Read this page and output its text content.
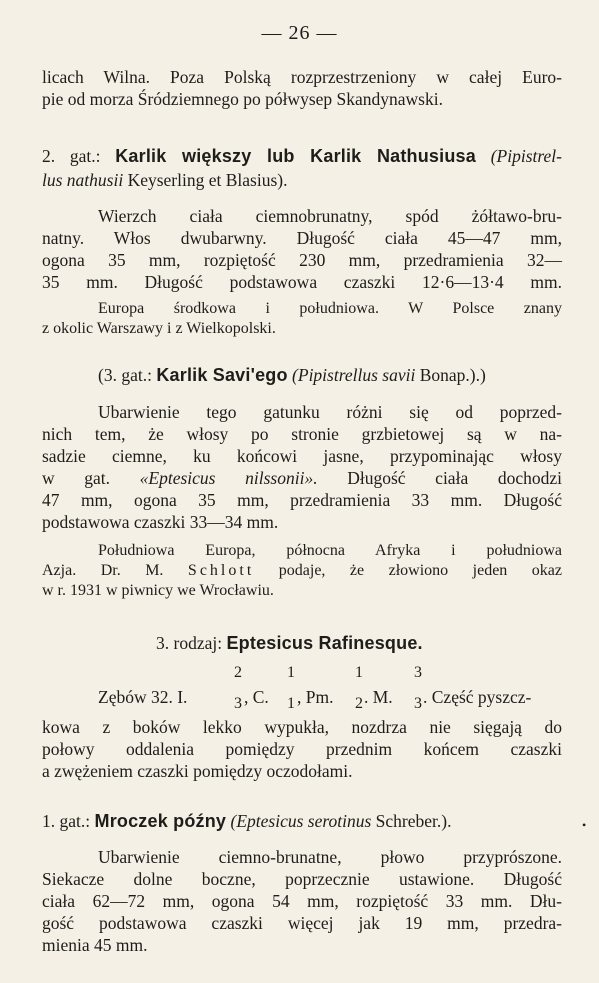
— 26 —
licach Wilna. Poza Polską rozprzestrzeniony w całej Euro-
pie od morza Śródziemnego po półwysep Skandynawski.
2. gat.: Karlik większy lub Karlik Nathusiusa (Pipistrel-
lus nathusii Keyserling et Blasius).
Wierzch ciała ciemnobrunatny, spód żółtawo-bru-
natny. Włos dwubarwny. Długość ciała 45—47 mm,
ogona 35 mm, rozpiętość 230 mm, przedramienia 32—
35 mm. Długość podstawowa czaszki 12·6—13·4 mm.
Europa środkowa i południowa. W Polsce znany
z okolic Warszawy i z Wielkopolski.
(3. gat.: Karlik Savi'ego (Pipistrellus savii Bonap.).)
Ubarwienie tego gatunku różni się od poprzed-
nich tem, że włosy po stronie grzbietowej są w na-
sadzie ciemne, ku końcowi jasne, przypominając włosy
w gat. «Eptesicus nilssonii». Długość ciała dochodzi
47 mm, ogona 35 mm, przedramienia 33 mm. Długość
podstawowa czaszki 33—34 mm.
Południowa Europa, północna Afryka i południowa
Azja. Dr. M. Schlott podaje, że złowiono jeden okaz
w r. 1931 w piwnicy we Wrocławiu.
3. rodzaj: Eptesicus Rafinesque.
Zębów 32. I.
2
3 , C.
1
1 , Pm.
1
2 . M.
3
3 . Część pyszcz-
kowa z boków lekko wypukła, nozdrza nie sięgają do
połowy oddalenia pomiędzy przednim końcem czaszki
a zwężeniem czaszki pomiędzy oczodołami.
1. gat.: Mroczek późny (Eptesicus serotinus Schreber.).	•
Ubarwienie ciemno-brunatne, płowo przyprószone.
Siekacze dolne boczne, poprzecznie ustawione. Długość
ciała 62—72 mm, ogona 54 mm, rozpiętość 33 mm. Dłu-
gość podstawowa czaszki więcej jak 19 mm, przedra-
mienia 45 mm.
